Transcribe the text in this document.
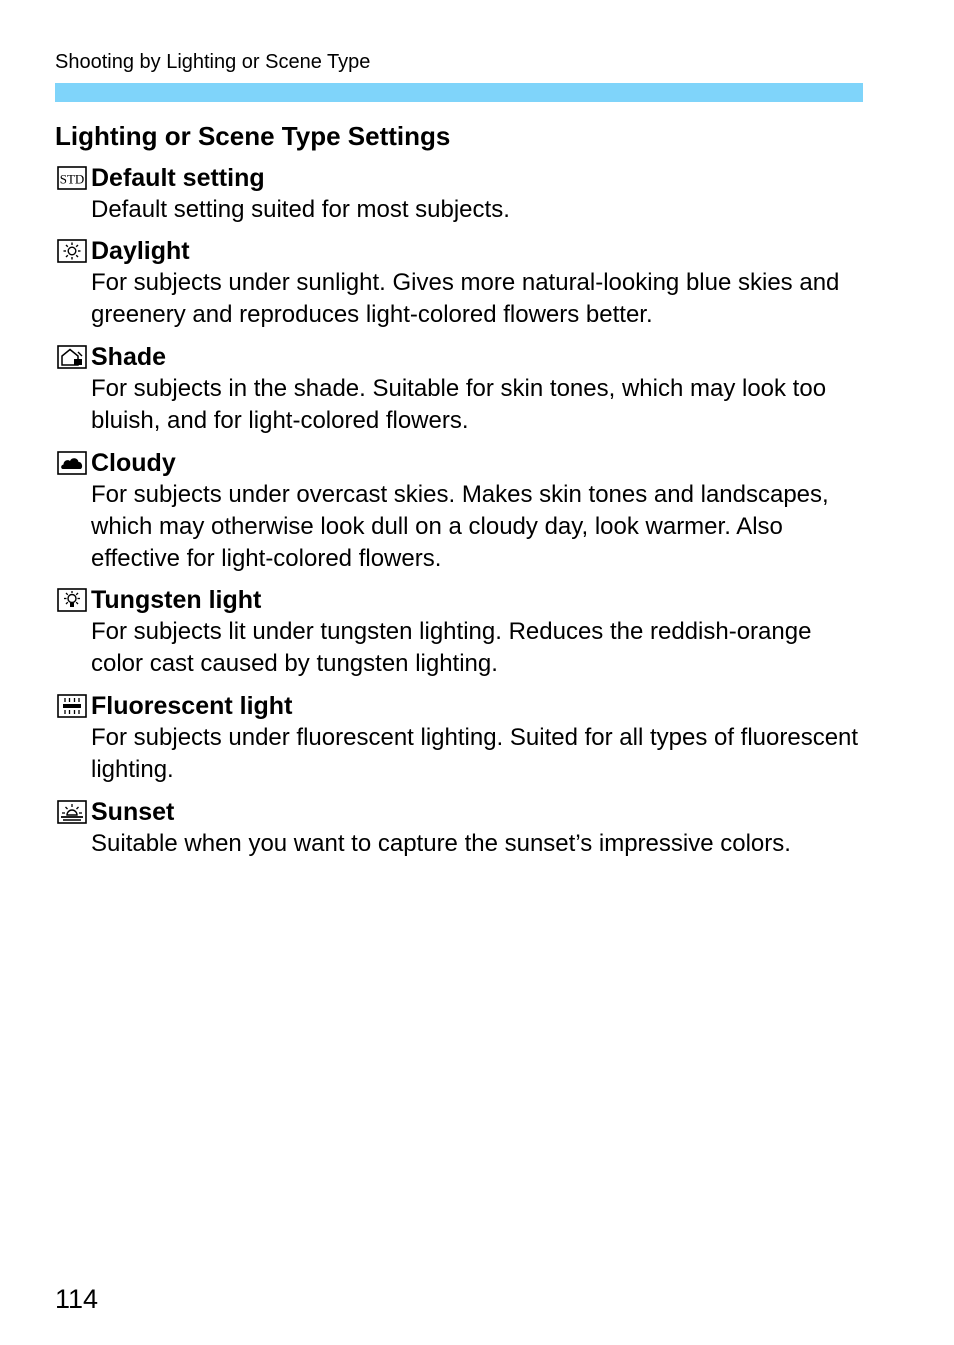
Shooting by Lighting or Scene Type
Lighting or Scene Type Settings
STD Default setting

Default setting suited for most subjects.

Daylight

For subjects under sunlight. Gives more natural-looking blue skies and greenery and reproduces light-colored flowers better.

Shade

For subjects in the shade. Suitable for skin tones, which may look too bluish, and for light-colored flowers.

Cloudy

For subjects under overcast skies. Makes skin tones and landscapes, which may otherwise look dull on a cloudy day, look warmer. Also effective for light-colored flowers.

Tungsten light

For subjects lit under tungsten lighting. Reduces the reddish-orange color cast caused by tungsten lighting.

Fluorescent light

For subjects under fluorescent lighting. Suited for all types of fluorescent lighting.

Sunset

Suitable when you want to capture the sunset’s impressive colors.

114
